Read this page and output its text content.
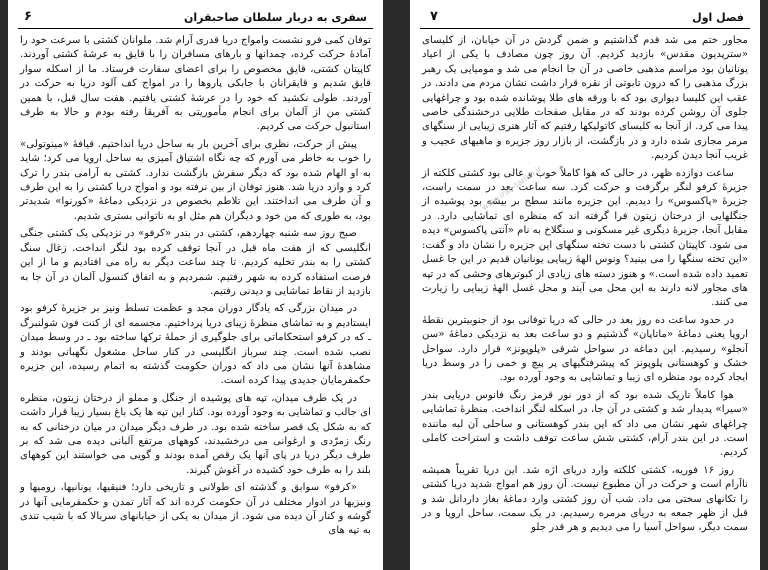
سفری به دربار سلطان صاحبقران
۶

توفان کمی فرو نشست وامواج دریا قدری آرام شد. ملوانان کشتی با سرعت خود را آمادهٔ حرکت کرده، چمدانها و بارهای مسافران را با قایق به عرشهٔ کشتی آوردند. کاپیتان کشتی، قایق مخصوص را برای اعضای سفارت فرستاد. ما از اسکله سوار قایق شدیم و قایقرانان با جابکی پاروها را در امواج کف آلود دریا به حرکت در آوردند. طولی نکشید که خود را در عرشهٔ کشتی یافتیم. هفت سال قبل، با همین کشتی من از آلمان برای انجام مأموریتی به آفریقا رفته بودم و حالا به طرف استانبول حرکت می کردیم.

پیش از حرکت، نظری برای آخرین بار به ساحل دریا انداختیم. قیافهٔ «مینوتولی» را خوب به خاطر می آورم که چه نگاه اشتیاق آمیزی به ساحل اروپا می کرد؛ شاید به او الهام شده بود که دیگر سفرش بازگشت ندارد. کشتی به آرامی بندر را ترک کرد و وارد دریا شد. هنوز توفان از بین نرفته بود و امواج دریا کشتی را به این طرف و آن طرف می انداختند. این تلاطم بخصوص در نزدیکی دماغهٔ «کورنوا» شدیدتر بود، به طوری که من خود و دیگران هم مثل او به ناتوانی بستری شدیم.

صبح روز سه شنبه چهاردهم، کشتی در بندر «کرفو» در نزدیکی یک کشتی جنگی انگلیسی که از هفت ماه قبل در آنجا توقف کرده بود لنگر انداخت. زغال سنگ کشتی را به بندر تخلیه کردیم. تا چند ساعت دیگر به راه می افتادیم و ما از این فرصت استفاده کرده به شهر رفتیم. شمردیم و به اتفاق کنسول آلمان در آن جا به بازدید از نقاط تماشایی و دیدنی رفتیم.

در میدان بزرگی که یادگار دوران مجد و عظمت تسلط ونیز بر جزیرهٔ کرفو بود ایستادیم و به تماشای منظرهٔ زیبای دریا پرداختیم. مجسمه ای از کنت فون شولنبرگ ـ که در کرفو استحکاماتی برای جلوگیری از حملهٔ ترکها ساخته بود ـ در وسط میدان نصب شده است. چند سرباز انگلیسی در کنار ساحل مشغول نگهبانی بودند و مشاهدهٔ آنها نشان می داد که دوران حکومت گذشته به اتمام رسیده، این جزیره حکمفرمایان جدیدی پیدا کرده است.

در یک طرف میدان، تپه های پوشیده از جنگل و مملو از درختان زیتون، منظره ای جالب و تماشایی به وجود آورده بود. کنار این تپه ها یک باغ بسیار زیبا قرار داشت که به شکل یک قصر ساخته شده بود. در طرف دیگر میدان در میان درختانی که به رنگ زمرّدی و ارغوانی می درخشیدند، کوههای مرتفع آلبانی دیده می شد که بر طرف دیگر دریا در پای آنها یک رقص آمده بودند و گویی می خواستند این کوههای بلند را به طرف خود کشیده در آغوش گیرند.

«کرفو» سوابق و گذشته ای طولانی و تاریخی دارد؛ فنیقیها، یونانیها، رومیها و ونیزیها در ادوار مختلف در آن حکومت کرده اند که آثار تمدن و حکمفرمایی آنها در گوشه و کنار آن دیده می شود. از میدان به یکی از خیابانهای سربالا که با شیب تندی به تپه های

فصل اول
۷

مجاور ختم می شد قدم گذاشتیم و ضمن گردش در آن خیابان، از کلیسای «سترپدیون مقدس» بازدید کردیم. آن روز چون مصادف با یکی از اعیاد یونانیان بود مراسم مذهبی خاصی در آن جا انجام می شد و مومیایی یک رهبر بزرگ مذهبی را که درون تابوتی از نقره قرار داشت نشان مردم می دادند. در عقب این کلیسا دیواری بود که با ورقه های طلا پوشانده شده بود و چراغهایی جلوی آن روشن کرده بودند که در مقابل صفحات طلایی درخشندگی خاصی پیدا می کرد. از آنجا به کلیسای کاتولیکها رفتیم که آثار هنری زیبایی از سنگهای مرمر مجاری شده دارد و در بازگشت، از بازار روز جزیره و ماهیهای عجیب و غریب آنجا دیدن کردیم.

ساعت دوازده ظهر، در حالی که هوا کاملاً خوب و عالی بود کشتی کلکته از جزیرهٔ کرفو لنگر برگرفت و حرکت کرد. سه ساعت بعد در سمت راست، جزیرهٔ «پاکسوس» را دیدیم. این جزیره مانند سطح بر بیشه بود پوشیده از جنگلهایی از درختان زیتون فرا گرفته اند که منظره ای تماشایی دارد. در مقابل آنجا، جزیرهٔ دیگری غیر مسکونی و سنگلاخ به نام «آنتی پاکسوس» دیده می شود. کاپیتان کشتی با دست تخته سنگهای این جزیره را نشان داد و گفت: «این تخته سنگها را می بینید؟ ونوس الههٔ زیبایی یونانیان قدیم در این جا غسل تعمید داده شده است.» و هنوز دسته های زیادی از کبوترهای وحشی که در تپه های مجاور لانه دارند به این محل می آیند و محل غسل الههٔ زیبایی را زیارت می کنند.

در حدود ساعت ده روز بعد در حالی که دریا توفانی بود از جنوبیترین نقطهٔ اروپا یعنی دماغهٔ «ماتاپان» گذشتیم و دو ساعت بعد به نزدیکی دماغهٔ «سن آنجلو» رسیدیم. این دماغه در سواحل شرقی «پلوپونز» قرار دارد. سواحل خشک و کوهستانی پلوپونز که پیشرفتگیهای پر پیچ و خمی را در وسط دریا ایجاد کرده بود منظره ای زیبا و تماشایی به وجود آورده بود.

هوا کاملاً تاریک شده بود که از دور نور قرمز رنگ فانوس دریایی بندر «سیرا» پدیدار شد و کشتی در آن جا، در اسکله لنگر انداخت. منظرهٔ تماشایی چراغهای شهر نشان می داد که این بندر کوهستانی و ساحلی آن لبه ماننده است. در این بندر آرام، کشتی شش ساعت توقف داشت و استراحت کاملی کردیم.

روز ۱۶ فوریه، کشتی کلکته وارد دریای اژه شد. این دریا تقریباً همیشه ناآرام است و حرکت در آن مطبوع نیست. آن روز هم امواج شدید دریا کشتی را تکانهای سختی می داد. شب آن روز کشتی وارد دماغهٔ بغاز داردانل شد و قبل از ظهر جمعه به دریای مرمره رسیدیم. در یک سمت، ساحل اروپا و در سمت دیگر، سواحل آسیا را می دیدیم و هر قدر جلو

www.iran-tarikh.ir
